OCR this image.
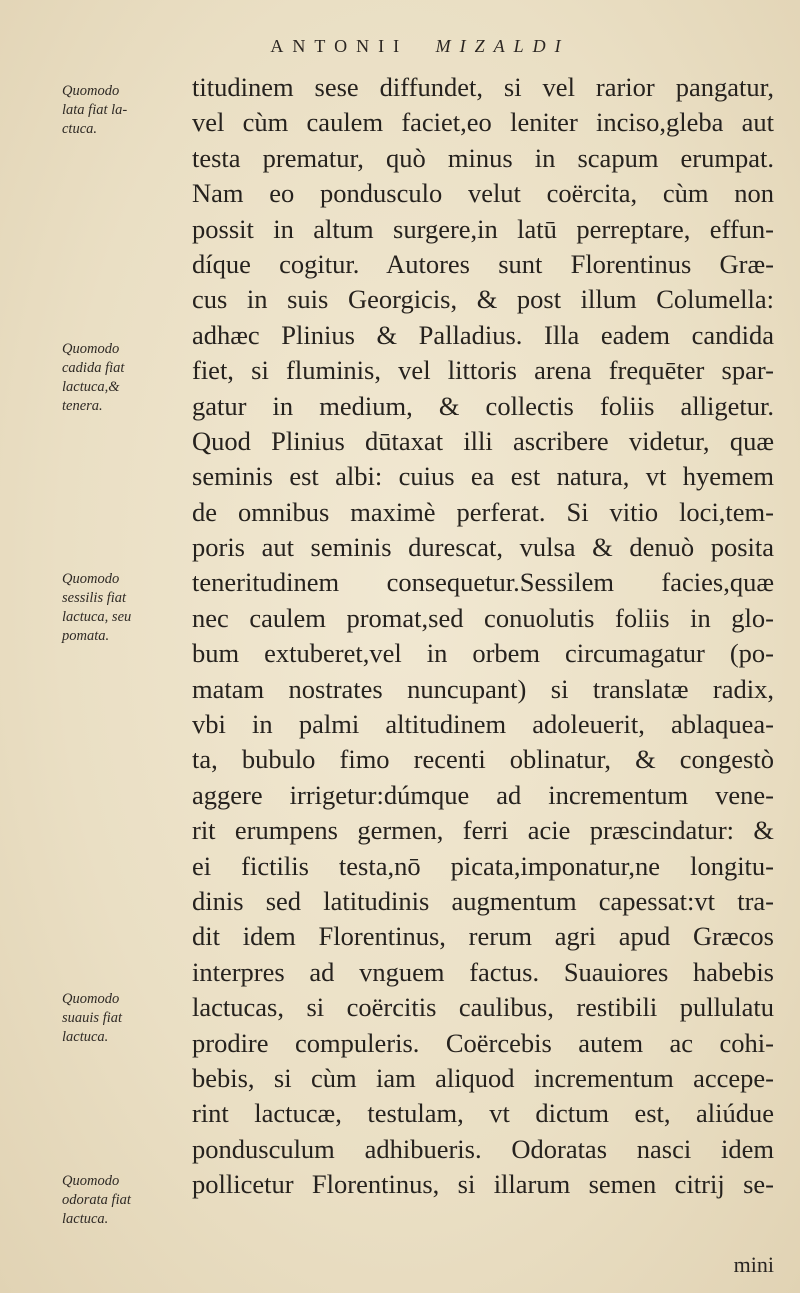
ANTONII MIZALDI
Quomodo
lata fiat la-
ctuca.
Quomodo
cadida fiat
lactuca,&
tenera.
Quomodo
sessilis fiat
lactuca, seu
pomata.
Quomodo
suauis fiat
lactuca.
Quomodo
odorata fiat
lactuca.
titudinem sese diffundet, si vel rarior pangatur,
vel cùm caulem faciet,eo leniter inciso,gleba aut
testa prematur, quò minus in scapum erumpat.
Nam eo pondusculo velut coërcita, cùm non
possit in altum surgere,in latū perreptare, effun-
díque cogitur. Autores sunt Florentinus Græ-
cus in suis Georgicis, & post illum Columella:
adhæc Plinius & Palladius. Illa eadem candida
fiet, si fluminis, vel littoris arena frequēter spar-
gatur in medium, & collectis foliis alligetur.
Quod Plinius dūtaxat illi ascribere videtur, quæ
seminis est albi: cuius ea est natura, vt hyemem
de omnibus maximè perferat. Si vitio loci,tem-
poris aut seminis durescat, vulsa & denuò posita
teneritudinem consequetur.Sessilem facies,quæ
nec caulem promat,sed conuolutis foliis in glo-
bum extuberet,vel in orbem circumagatur (po-
matam nostrates nuncupant) si translatæ radix,
vbi in palmi altitudinem adoleuerit, ablaquea-
ta, bubulo fimo recenti oblinatur, & congestò
aggere irrigetur:dúmque ad incrementum vene-
rit erumpens germen, ferri acie præscindatur: &
ei fictilis testa,nō picata,imponatur,ne longitu-
dinis sed latitudinis augmentum capessat:vt tra-
dit idem Florentinus, rerum agri apud Græcos
interpres ad vnguem factus. Suauiores habebis
lactucas, si coërcitis caulibus, restibili pullulatu
prodire compuleris. Coërcebis autem ac cohi-
bebis, si cùm iam aliquod incrementum accepe-
rint lactucæ, testulam, vt dictum est, aliúdue
pondusculum adhibueris. Odoratas nasci idem
pollicetur Florentinus, si illarum semen citrij se-
mini
